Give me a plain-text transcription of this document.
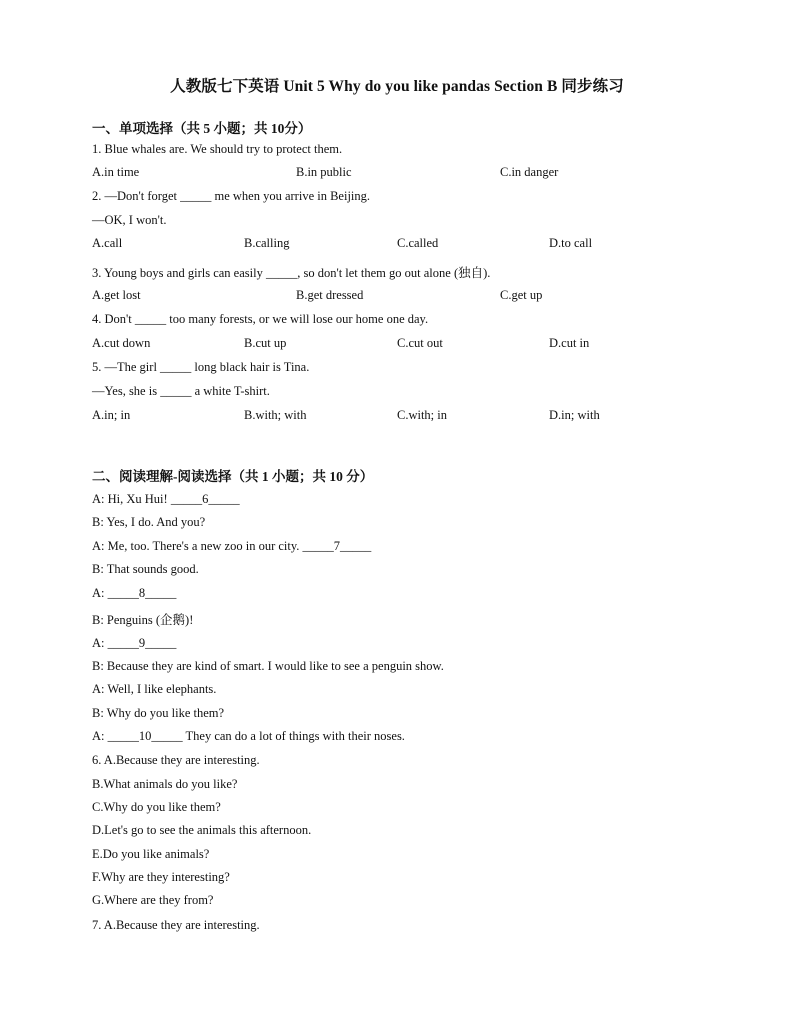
人教版七下英语 Unit 5 Why do you like pandas Section B 同步练习
一、单项选择（共 5 小题；共 10分）
1. Blue whales are. We should try to protect them.
A.in time	B.in public	C.in danger
2. —Don't forget _____ me when you arrive in Beijing.
—OK, I won't.
A.call	B.calling	C.called	D.to call
3. Young boys and girls can easily _____, so don't let them go out alone (独自).
A.get lost	B.get dressed	C.get up
4. Don't _____ too many forests, or we will lose our home one day.
A.cut down	B.cut up	C.cut out	D.cut in
5. —The girl _____ long black hair is Tina.
—Yes, she is _____ a white T-shirt.
A.in; in	B.with; with	C.with; in	D.in; with
二、阅读理解-阅读选择（共 1 小题；共 10 分）
A: Hi, Xu Hui! _____6_____
B: Yes, I do. And you?
A: Me, too. There's a new zoo in our city. _____7_____
B: That sounds good.
A: _____8_____
B: Penguins (企鹅)!
A: _____9_____
B: Because they are kind of smart. I would like to see a penguin show.
A: Well, I like elephants.
B: Why do you like them?
A: _____10_____ They can do a lot of things with their noses.
6. A.Because they are interesting.
B.What animals do you like?
C.Why do you like them?
D.Let's go to see the animals this afternoon.
E.Do you like animals?
F.Why are they interesting?
G.Where are they from?
7. A.Because they are interesting.
